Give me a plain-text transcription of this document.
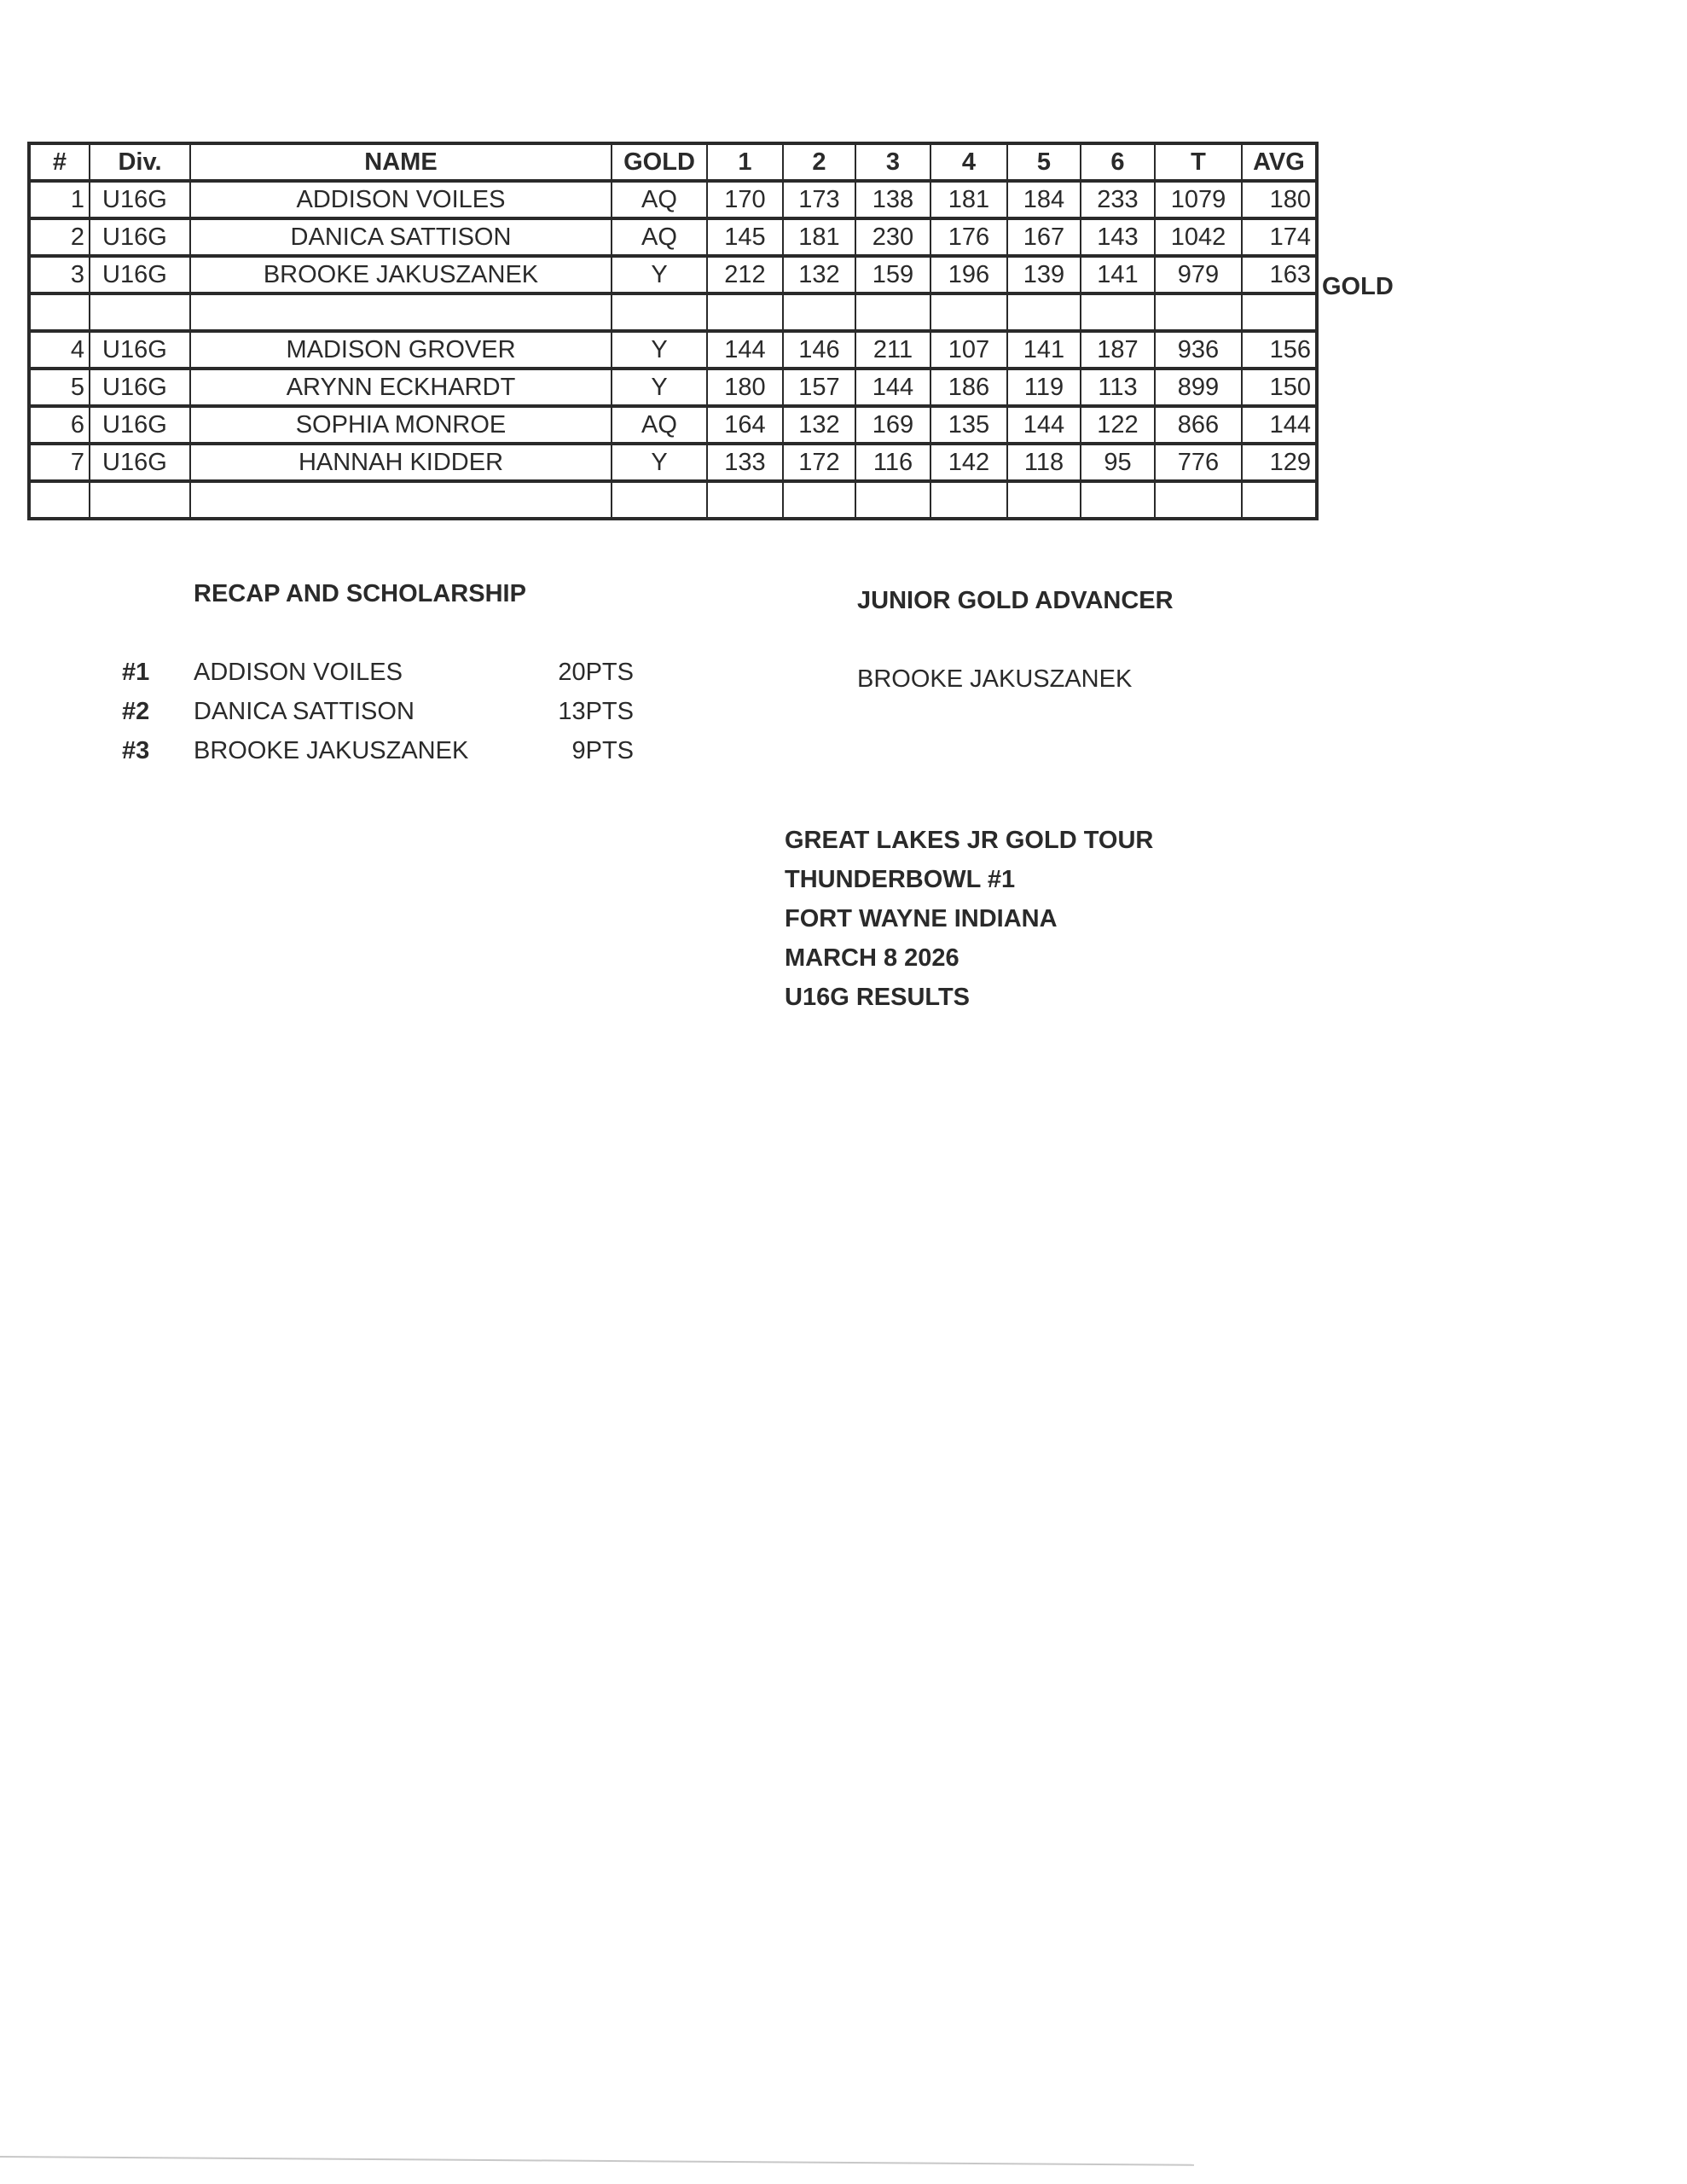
#	Div.	NAME	GOLD	1	2	3	4	5	6	T	AVG
1	U16G	ADDISON VOILES	AQ	170	173	138	181	184	233	1079	180
2	U16G	DANICA SATTISON	AQ	145	181	230	176	167	143	1042	174
3	U16G	BROOKE JAKUSZANEK	Y	212	132	159	196	139	141	979	163

4	U16G	MADISON GROVER	Y	144	146	211	107	141	187	936	156
5	U16G	ARYNN ECKHARDT	Y	180	157	144	186	119	113	899	150
6	U16G	SOPHIA MONROE	AQ	164	132	169	135	144	122	866	144
7	U16G	HANNAH KIDDER	Y	133	172	116	142	118	95	776	129

GOLD
RECAP AND SCHOLARSHIP
#1 ADDISON VOILES	20PTS
#2 DANICA SATTISON	13PTS
#3 BROOKE JAKUSZANEK	9PTS
JUNIOR GOLD ADVANCER
BROOKE JAKUSZANEK
GREAT LAKES JR GOLD TOUR
THUNDERBOWL #1
FORT WAYNE INDIANA
MARCH 8 2026
U16G RESULTS
